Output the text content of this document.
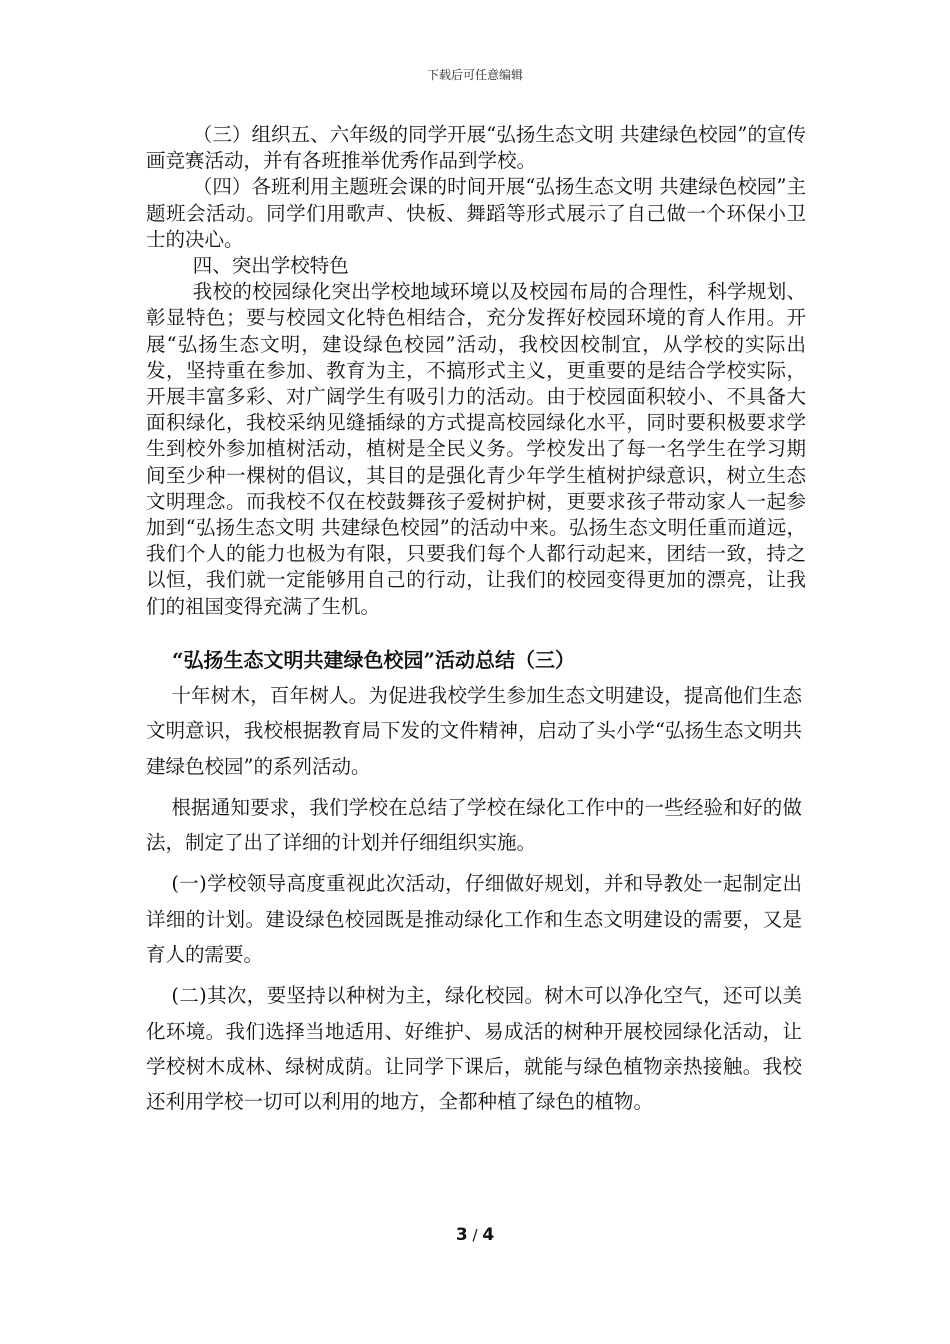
下载后可任意编辑

（三）组织五、六年级的同学开展“弘扬生态文明 共建绿色校园”的宣传画竞赛活动，并有各班推举优秀作品到学校。

（四）各班利用主题班会课的时间开展“弘扬生态文明 共建绿色校园”主题班会活动。同学们用歌声、快板、舞蹈等形式展示了自己做一个环保小卫士的决心。

四、突出学校特色

我校的校园绿化突出学校地域环境以及校园布局的合理性，科学规划、彰显特色；要与校园文化特色相结合，充分发挥好校园环境的育人作用。开展“弘扬生态文明，建设绿色校园”活动，我校因校制宜，从学校的实际出发，坚持重在参加、教育为主，不搞形式主义，更重要的是结合学校实际，开展丰富多彩、对广阔学生有吸引力的活动。由于校园面积较小、不具备大面积绿化，我校采纳见缝插绿的方式提高校园绿化水平，同时要积极要求学生到校外参加植树活动，植树是全民义务。学校发出了每一名学生在学习期间至少种一棵树的倡议，其目的是强化青少年学生植树护绿意识，树立生态文明理念。而我校不仅在校鼓舞孩子爱树护树，更要求孩子带动家人一起参加到“弘扬生态文明 共建绿色校园”的活动中来。弘扬生态文明任重而道远，我们个人的能力也极为有限，只要我们每个人都行动起来，团结一致，持之以恒，我们就一定能够用自己的行动，让我们的校园变得更加的漂亮，让我们的祖国变得充满了生机。

“弘扬生态文明共建绿色校园”活动总结（三）

十年树木，百年树人。为促进我校学生参加生态文明建设，提高他们生态文明意识，我校根据教育局下发的文件精神，启动了头小学“弘扬生态文明共建绿色校园”的系列活动。

根据通知要求，我们学校在总结了学校在绿化工作中的一些经验和好的做法，制定了出了详细的计划并仔细组织实施。

(一)学校领导高度重视此次活动，仔细做好规划，并和导教处一起制定出详细的计划。建设绿色校园既是推动绿化工作和生态文明建设的需要，又是育人的需要。

(二)其次，要坚持以种树为主，绿化校园。树木可以净化空气，还可以美化环境。我们选择当地适用、好维护、易成活的树种开展校园绿化活动，让学校树木成林、绿树成荫。让同学下课后，就能与绿色植物亲热接触。我校还利用学校一切可以利用的地方，全都种植了绿色的植物。

3 / 4
